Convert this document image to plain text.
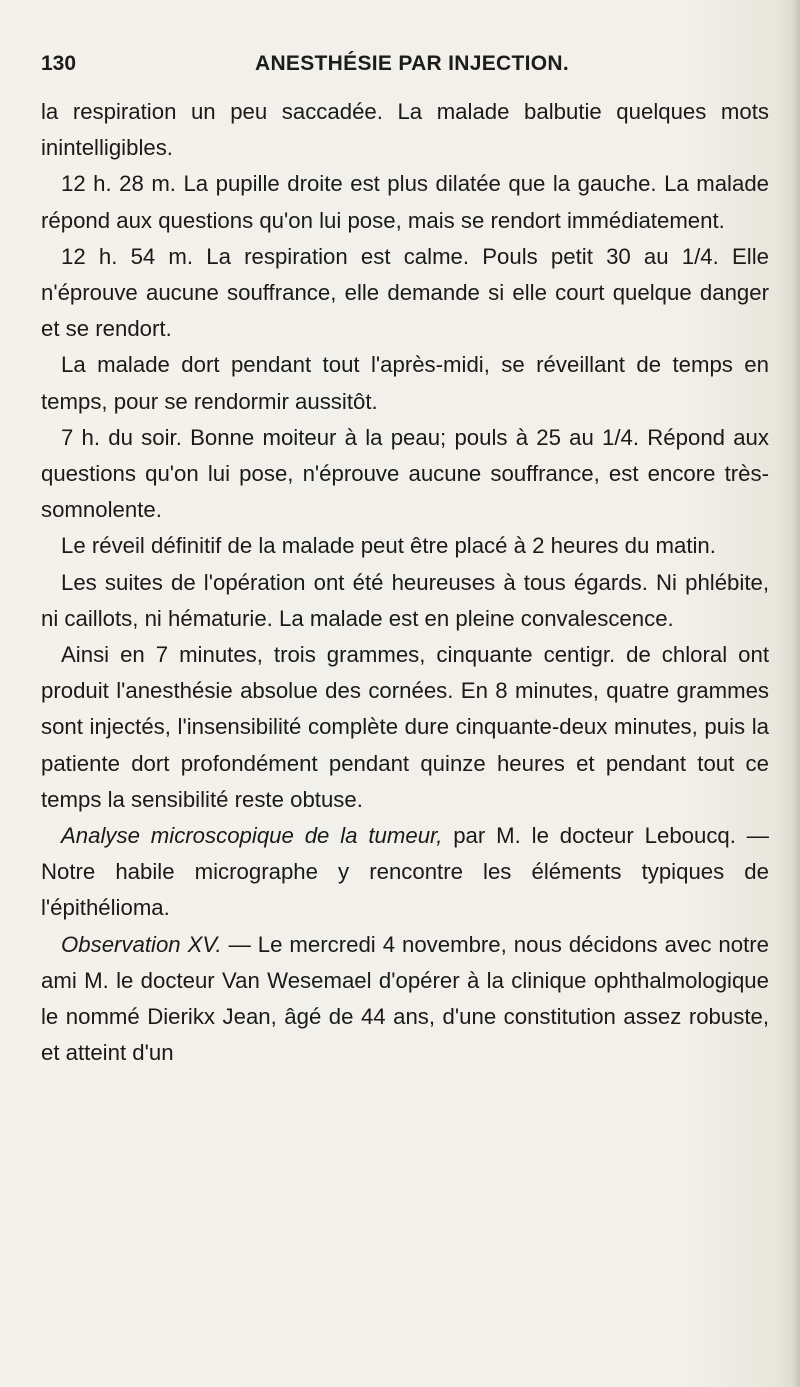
130	ANESTHÉSIE PAR INJECTION.

la respiration un peu saccadée. La malade balbutie quelques mots inintelligibles.

12 h. 28 m. La pupille droite est plus dilatée que la gauche. La malade répond aux questions qu'on lui pose, mais se rendort immédiatement.

12 h. 54 m. La respiration est calme. Pouls petit 30 au 1/4. Elle n'éprouve aucune souffrance, elle demande si elle court quelque danger et se rendort.

La malade dort pendant tout l'après-midi, se réveillant de temps en temps, pour se rendormir aussitôt.

7 h. du soir. Bonne moiteur à la peau; pouls à 25 au 1/4. Répond aux questions qu'on lui pose, n'éprouve aucune souffrance, est encore très-somnolente.

Le réveil définitif de la malade peut être placé à 2 heures du matin.

Les suites de l'opération ont été heureuses à tous égards. Ni phlébite, ni caillots, ni hématurie. La malade est en pleine convalescence.

Ainsi en 7 minutes, trois grammes, cinquante centigr. de chloral ont produit l'anesthésie absolue des cornées. En 8 minutes, quatre grammes sont injectés, l'insensibilité complète dure cinquante-deux minutes, puis la patiente dort profondément pendant quinze heures et pendant tout ce temps la sensibilité reste obtuse.

Analyse microscopique de la tumeur, par M. le docteur Leboucq. — Notre habile micrographe y rencontre les éléments typiques de l'épithélioma.

Observation XV. — Le mercredi 4 novembre, nous décidons avec notre ami M. le docteur Van Wesemael d'opérer à la clinique ophthalmologique le nommé Dierikx Jean, âgé de 44 ans, d'une constitution assez robuste, et atteint d'un
